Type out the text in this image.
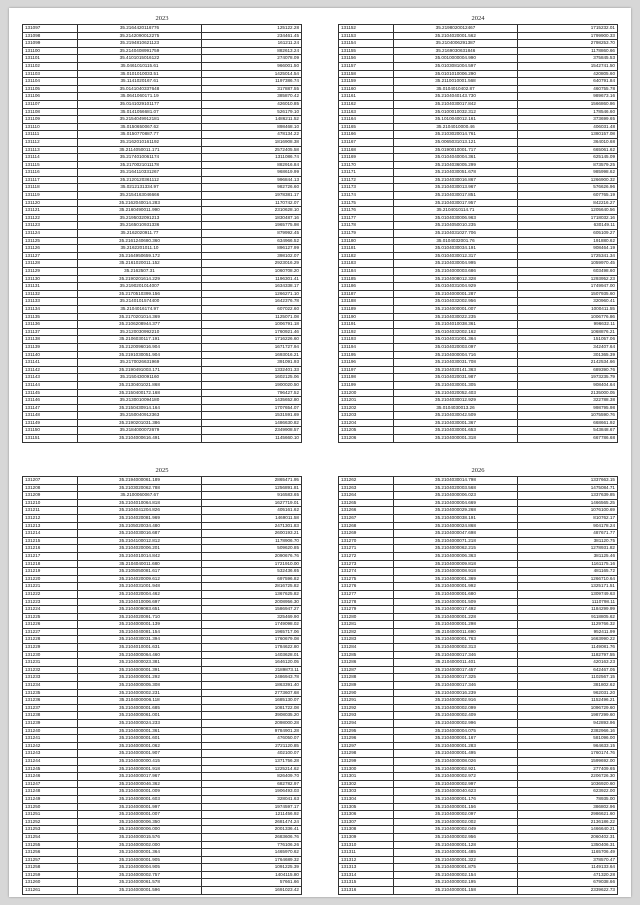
2023
131097	35.2164420116776	125122.28
131098	35.2142090012275	234461.45
131099	35.2194810621123	161211.24
131100	35.2140408991759	882613.24
131101	35.4101015016122	274078.09
131102	35.0461010115.61	966001.50
131103	35.0101010033.51	1425014.54
131104	35.1141020167.61	1197386.74
131105	35.0141040337648	317887.55
131106	35.0641060171.19	385870.42
131107	35.0141029101177	426010.85
131108	35.0141056681.07	526179.10
131109	35.2154049912181	1486211.52
131110	35.0150650067.62	898468.10
131111	35.0150770887.77	478134.22
131112	35.2162010161192	1816908.38
131113	35.2114050011.171	2572405.58
131114	35.2174010061174	1311086.74
131115	35.2170021011178	882916.84
131116	35.2164110331267	968619.99
131117	35.2120120361112	996844.13
131118	35.0212131334.97	982726.60
131119	35.2154163046666	1978381.17
131120	35.2162040014.283	1170742.07
131121	35.2160490011.990	2310628.10
131122	35.2195032091213	1830487.16
131123	35.2165010931336	1965775.98
131124	35.2162020911.77	879992.45
131125	35.2161240680.360	634966.52
131126	35.2162201011.10	896127.99
131127	35.2164950659.172	398102.07
131128	35.2161020011.152	2923016.29
131129	35.2162507.31	1060708.20
131130	35.2190201614.229	1196301.41
131131	35.2190201014007	1634338.17
131132	35.2170510399.156	1266271.10
131133	35.2140101574400	1642376.78
131134	35.2104016174.97	607022.60
131135	35.2170201014.369	1125071.08
131136	35.2106208944.377	1006791.18
131137	35.2120030992210	1760921.46
131138	35.2106030117.191	1716226.60
131139	35.2120096016.904	1671727.94
131140	35.2191030051.904	1693016.21
131141	35.2170026631969	391091.93
131142	35.2190491003.171	1332401.33
131143	35.2150430091160	1602125.06
131144	35.2130401021.868	1900020.50
131145	35.2150400172.168	796427.52
131146	35.2130010094180	1435652.80
131147	35.2150430914.164	1707654.07
131148	35.2150040912363	1531591.69
131149	35.2190201031.386	1486630.82
131150	35.2184000072679	2349908.57
131151	35.2104000616.491	1145660.10
2024
131152	35.2198020012467	1715232.01
131153	35.2104020001.562	1799900.33
131154	35.2104006291387	2798253.70
131155	35.2169030631846	1178860.66
131156	35.0010000004.990	375845.53
131157	35.0103081004.597	1542741.50
131158	35.0101010006.290	420805.60
131159	35.2110010001.568	640791.84
131160	35.0104010402.87	460755.78
131161	35.2104040143.730	989673.16
131162	35.2104030017.842	1566860.86
131163	35.0100010032.312	178546.60
131164	35.1010040012.161	373699.65
131165	35.2104010000.46	406031.48
131166	35.2103020014.761	1380157.08
131167	35.0065031013.121	364010.68
131168	35.0190010001.717	665061.62
131169	35.0104040004.361	625145.09
131170	35.2104036005.299	873579.25
131171	35.2104030051.678	985998.62
131172	35.2104030016.867	1266900.32
131173	35.2104030013.967	576626.96
131174	35.2104030017.851	607765.19
131175	35.2104030017.957	842216.27
131176	35.2104010114.71	1205640.56
131177	35.0104030006.963	1718032.16
131178	35.2104050010.235	630149.11
131179	35.2104031027.706	605109.27
131180	35.0104032001.76	191880.62
131181	35.0104030034.191	908464.19
131182	35.0104030012.317	1725341.34
131183	35.2104030004.995	1059970.45
131184	35.2104000003.686	603498.60
131185	35.2104008012.328	1293952.23
131186	35.0104031004.929	1749947.00
131187	35.2104000001.287	1507935.60
131188	35.0104032002.956	320960.41
131189	35.2104000001.007	1000411.55
131190	35.2104030022.235	1006776.86
131191	35.2104010038.361	996632.11
131192	35.0104032002.162	1068876.21
131193	35.0104031001.364	151057.06
131194	35.0104020003.097	342407.64
131195	35.2104000004.716	301365.39
131196	35.2104030031.708	2142534.66
131197	35.2104020141.363	689390.76
131198	35.0104020031.987	1973235.79
131199	35.2104030001.305	908404.64
131200	35.2104020052.403	2135000.05
131201	35.2104030012.929	322788.38
131202	35.0104030013.26	998795.98
131203	35.2104030042.509	1075590.76
131204	35.2104030001.367	668661.92
131205	35.2104030001.653	543848.67
131206	35.2104000001.318	667786.68
2025
131207	35.2194000061.189	2865471.95
131208	35.2103020062.788	1256891.81
131209	35.2100060067.67	916583.65
131210	35.2104010064.818	1627719.01
131211	35.2104041204.826	405161.62
131212	35.2104020081.969	1469011.58
131213	35.2105020034.480	2471301.83
131214	35.2104030016.687	2600193.21
131215	35.2104100012.812	1178906.70
131216	35.2104020006.201	509620.85
131217	35.2104010014.842	2090676.76
131218	35.2104040011.680	1721910.00
131219	35.2105050081.617	532436.65
131220	35.2104020009.612	697596.82
131221	35.2104031001.948	2816725.82
131222	35.2104020004.462	1367625.82
131223	35.2104010006.697	2008956.30
131224	35.2104009083.651	1586947.27
131225	35.2104020091.710	325469.90
131226	35.2104000001.139	1749098.02
131227	35.2104040081.154	1965717.06
131228	35.2104030031.394	1760679.08
131229	35.2104010001.631	1784622.80
131230	35.2104000064.460	1403628.01
131231	35.2104000023.381	1646120.05
131232	35.2104000001.391	2189873.11
131233	35.2104000001.292	2486943.78
131234	35.2104000005.308	1863391.40
131235	35.2104000002.231	2773607.68
131236	35.2104000006.118	1685130.07
131237	35.2104000001.685	1081722.08
131238	35.2104000061.001	3908035.20
131239	35.2104000024.233	2098000.28
131240	35.2104000001.361	9784901.28
131241	35.2104000001.601	476050.07
131242	35.2104000001.062	2721120.85
131243	35.2104000001.907	402100.07
131244	35.2104000000.415	1371756.28
131245	35.2104000001.918	1225214.62
131246	35.2104000017.967	826409.70
131247	35.2104000046.362	682782.97
131248	35.2104000001.009	1906493.03
131249	35.2104000001.603	328041.63
131250	35.2104000001.997	1974597.17
131251	35.2104000001.007	1211456.92
131252	35.2104000006.350	2681474.24
131253	35.2104000006.000	2001336.41
131254	35.2104000015.576	2683606.76
131255	35.2104000002.000	776106.26
131256	35.2104000001.364	1465970.62
131257	35.2104000001.905	1764689.32
131258	35.2104000004.905	1091225.39
131259	35.2104000002.757	1404115.80
131260	35.2104000061.578	57661.66
131261	35.2104000001.596	1691023.42
2026
131262	35.2104030014.798	1337663.15
131263	35.2104020003.568	1475084.71
131264	35.2104000006.023	1337639.85
131265	35.2104000004.669	1466565.25
131266	35.2104000029.268	1076100.69
131267	35.2104000038.191	810762.17
131268	35.2104000024.868	904178.24
131269	35.2104000047.698	487671.77
131270	35.2104000071.218	381120.75
131271	35.2104000062.215	1278931.82
131272	35.2104000006.363	381125.46
131273	35.2104000009.818	1161175.16
131274	35.2104000008.918	481165.72
131275	35.2104000001.369	1266710.64
131276	35.2104000001.992	1325171.51
131277	35.2104000001.680	1309749.63
131278	35.2104000001.509	1110798.11
131279	35.2104000017.492	1184299.99
131280	35.2104000001.228	9118805.62
131281	35.2104000001.298	1129766.32
131282	35.2104000011.690	952411.99
131283	35.2104000001.763	1663990.22
131284	35.2104000002.313	1149081.76
131285	35.2104000017.346	1182797.55
131286	35.2104000011.401	420163.23
131287	35.2104000017.457	642467.05
131288	35.2104000017.325	1102567.15
131289	35.2104000017.346	381802.62
131290	35.2104000016.239	962031.20
131291	35.2104000002.916	1152496.21
131292	35.2104000002.099	1096729.60
131293	35.2104000002.409	1987299.60
131294	35.2104000002.996	942893.96
131295	35.2104000004.075	2382966.16
131296	35.2104000001.167	581096.00
131297	35.2104000001.283	964633.15
131298	35.2104000001.495	1760174.76
131299	35.2104000008.026	1599692.00
131300	35.2104000002.921	277409.65
131301	35.2104000002.972	2206726.30
131302	35.2104000002.997	1036920.60
131303	35.2104000040.623	623922.00
131304	35.2104000001.176	78935.00
131305	35.2104000001.156	386802.96
131306	35.2104000002.097	2986621.60
131307	35.2104000002.002	2136186.22
131308	35.2104000002.049	1466640.21
131309	35.2104000002.956	2060402.31
131310	35.2104000001.128	1350406.31
131311	35.2104000001.485	1165706.49
131312	35.2104000001.322	378570.47
131313	35.2104000001.875	1149133.64
131314	35.2104000002.154	471320.28
131315	35.2104000002.195	679038.66
131316	35.2104000001.158	2339622.73
